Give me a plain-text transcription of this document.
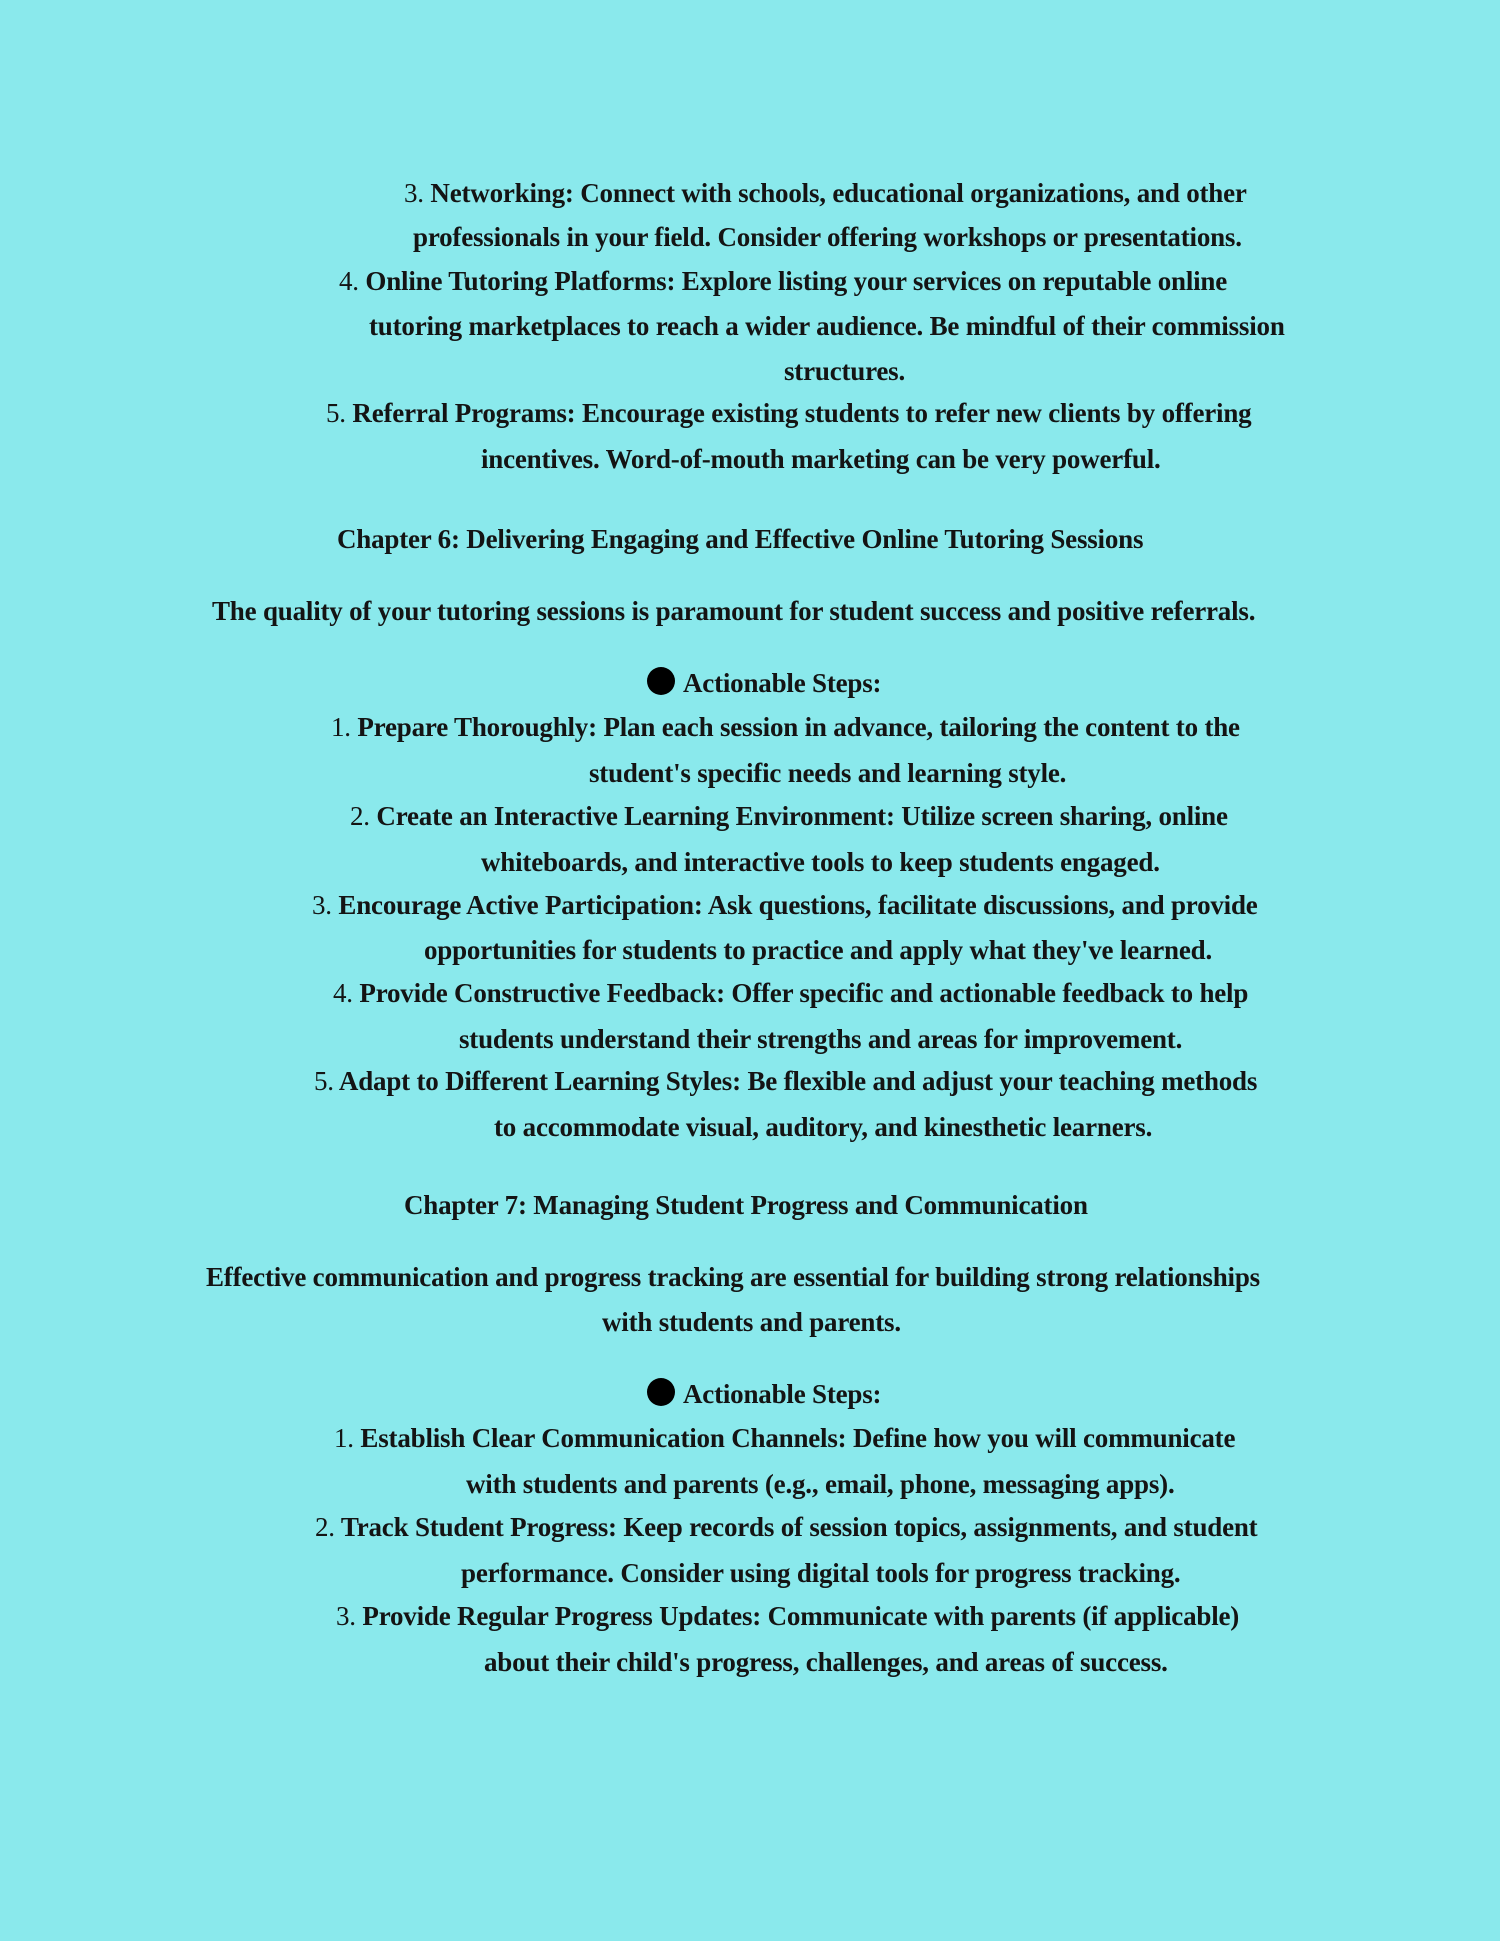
3. Networking: Connect with schools, educational organizations, and other

professionals in your field. Consider offering workshops or presentations.

4. Online Tutoring Platforms: Explore listing your services on reputable online

tutoring marketplaces to reach a wider audience. Be mindful of their commission

structures.

5. Referral Programs: Encourage existing students to refer new clients by offering

incentives. Word-of-mouth marketing can be very powerful.

Chapter 6: Delivering Engaging and Effective Online Tutoring Sessions

The quality of your tutoring sessions is paramount for student success and positive referrals.

Actionable Steps:

1. Prepare Thoroughly: Plan each session in advance, tailoring the content to the

student's specific needs and learning style.

2. Create an Interactive Learning Environment: Utilize screen sharing, online

whiteboards, and interactive tools to keep students engaged.

3. Encourage Active Participation: Ask questions, facilitate discussions, and provide

opportunities for students to practice and apply what they've learned.

4. Provide Constructive Feedback: Offer specific and actionable feedback to help

students understand their strengths and areas for improvement.

5. Adapt to Different Learning Styles: Be flexible and adjust your teaching methods

to accommodate visual, auditory, and kinesthetic learners.

Chapter 7: Managing Student Progress and Communication

Effective communication and progress tracking are essential for building strong relationships

with students and parents.

Actionable Steps:

1. Establish Clear Communication Channels: Define how you will communicate

with students and parents (e.g., email, phone, messaging apps).

2. Track Student Progress: Keep records of session topics, assignments, and student

performance. Consider using digital tools for progress tracking.

3. Provide Regular Progress Updates: Communicate with parents (if applicable)

about their child's progress, challenges, and areas of success.
